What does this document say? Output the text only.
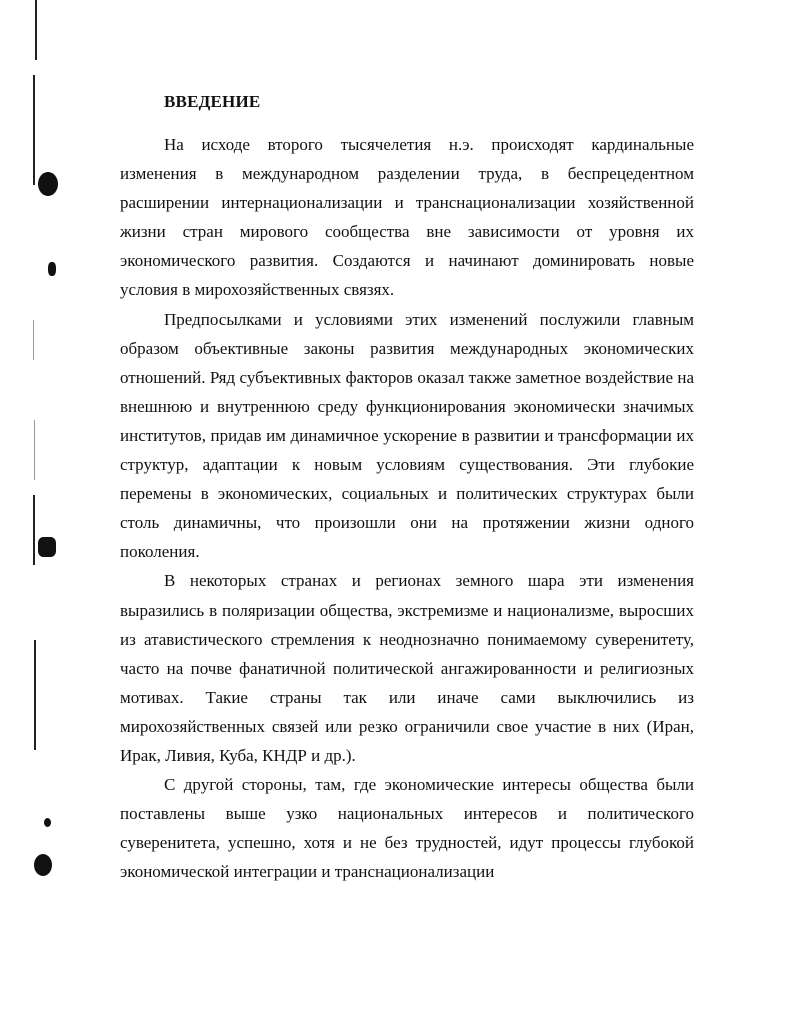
ВВЕДЕНИЕ

На исходе второго тысячелетия н.э. происходят кардинальные изменения в международном разделении труда, в беспрецедентном расширении интернационализации и транснационализации хозяйственной жизни стран мирового сообщества вне зависимости от уровня их экономического развития. Создаются и начинают доминировать новые условия в мирохозяйственных связях.

Предпосылками и условиями этих изменений послужили главным образом объективные законы развития международных экономических отношений. Ряд субъективных факторов оказал также заметное воздействие на внешнюю и внутреннюю среду функционирования экономически значимых институтов, придав им динамичное ускорение в развитии и трансформации их структур, адаптации к новым условиям существования. Эти глубокие перемены в экономических, социальных и политических структурах были столь динамичны, что произошли они на протяжении жизни одного поколения.

В некоторых странах и регионах земного шара эти изменения выразились в поляризации общества, экстремизме и национализме, выросших из атавистического стремления к неоднозначно понимаемому суверенитету, часто на почве фанатичной политической ангажированности и религиозных мотивах. Такие страны так или иначе сами выключились из мирохозяйственных связей или резко ограничили свое участие в них (Иран, Ирак, Ливия, Куба, КНДР и др.).

С другой стороны, там, где экономические интересы общества были поставлены выше узко национальных интересов и политического суверенитета, успешно, хотя и не без трудностей, идут процессы глубокой экономической интеграции и транснационализации
